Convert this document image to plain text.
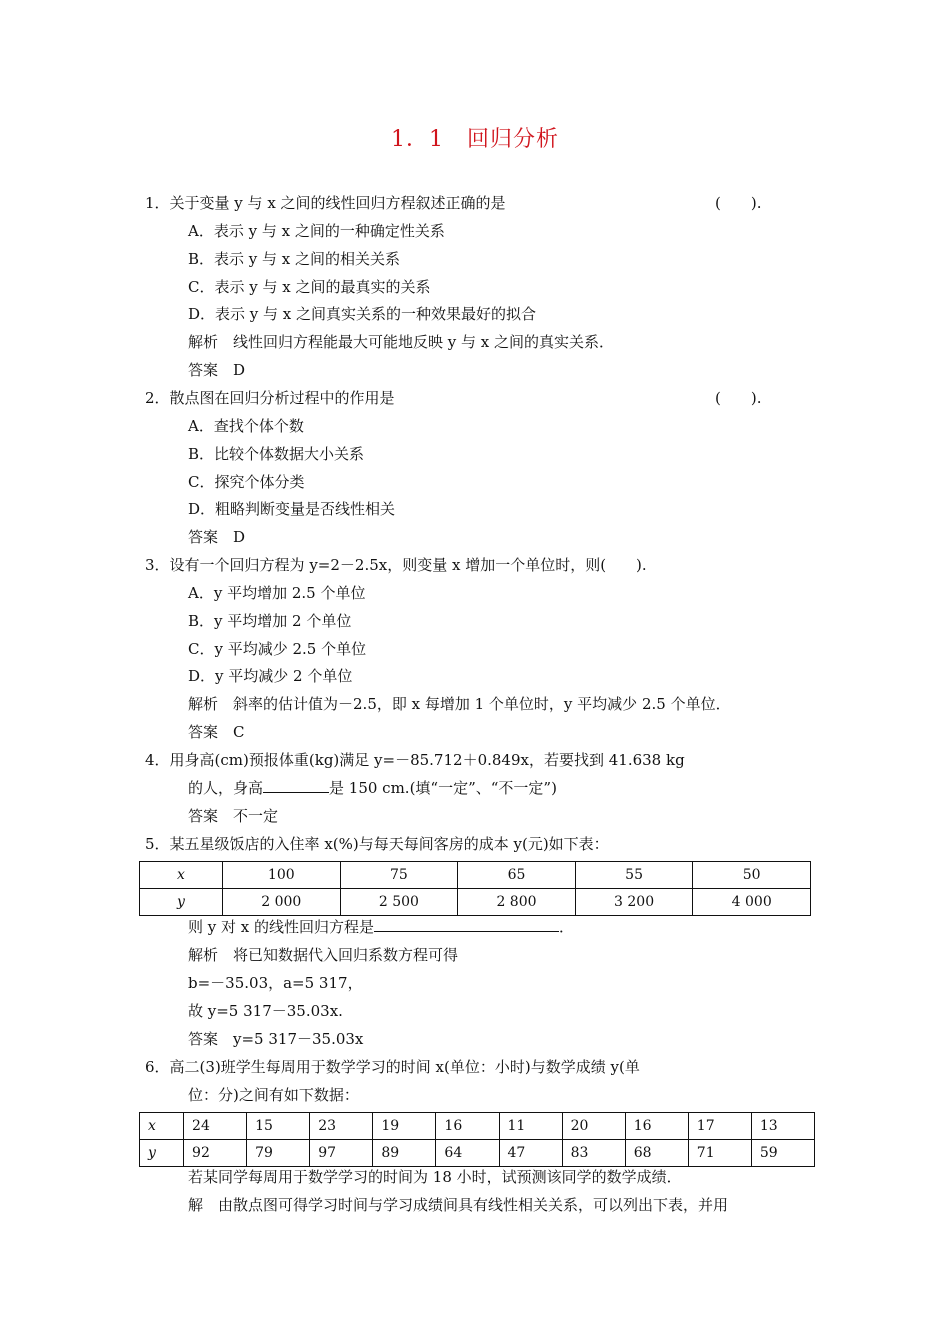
1．1　回归分析
1．关于变量 y 与 x 之间的线性回归方程叙述正确的是	(　　).
A．表示 y 与 x 之间的一种确定性关系
B．表示 y 与 x 之间的相关关系
C．表示 y 与 x 之间的最真实的关系
D．表示 y 与 x 之间真实关系的一种效果最好的拟合
解析　线性回归方程能最大可能地反映 y 与 x 之间的真实关系．
答案　D
2．散点图在回归分析过程中的作用是	(　　).
A．查找个体个数
B．比较个体数据大小关系
C．探究个体分类
D．粗略判断变量是否线性相关
答案　D
3．设有一个回归方程为 y=2－2.5x，则变量 x 增加一个单位时，则(　　).
A．y 平均增加 2.5 个单位
B．y 平均增加 2 个单位
C．y 平均减少 2.5 个单位
D．y 平均减少 2 个单位
解析　斜率的估计值为－2.5，即 x 每增加 1 个单位时，y 平均减少 2.5 个单位．
答案　C
4．用身高(cm)预报体重(kg)满足 y=－85.712＋0.849x，若要找到 41.638 kg
的人，身高	是 150 cm.(填“一定”、“不一定”)
答案　不一定
5．某五星级饭店的入住率 x(%)与每天每间客房的成本 y(元)如下表：
x	100	75	65	55	50
y	2 000	2 500	2 800	3 200	4 000
则 y 对 x 的线性回归方程是	．
解析　将已知数据代入回归系数方程可得
b=－35.03，a=5 317，
故 y=5 317－35.03x.
答案　y=5 317－35.03x
6．高二(3)班学生每周用于数学学习的时间 x(单位：小时)与数学成绩 y(单
位：分)之间有如下数据：
x	24	15	23	19	16	11	20	16	17	13
y	92	79	97	89	64	47	83	68	71	59
若某同学每周用于数学学习的时间为 18 小时，试预测该同学的数学成绩．
解　由散点图可得学习时间与学习成绩间具有线性相关关系，可以列出下表，并用
